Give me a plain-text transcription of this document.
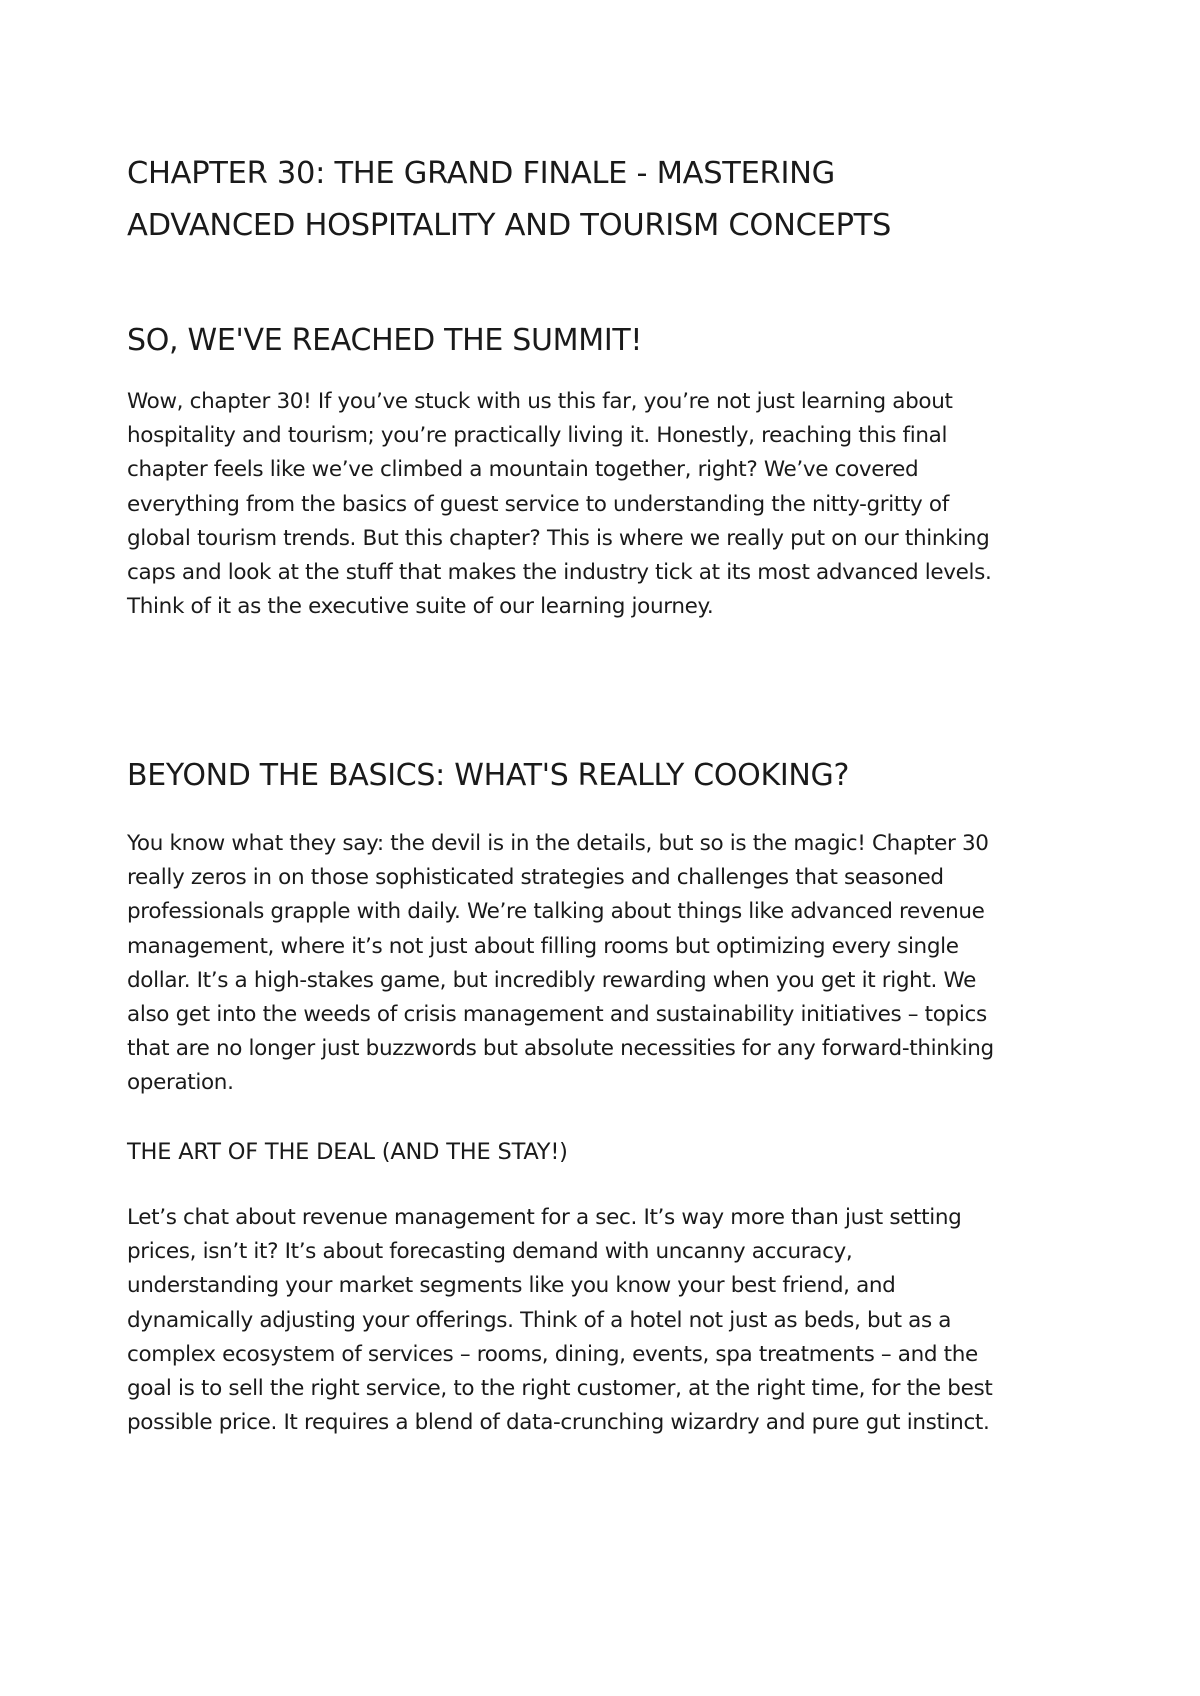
CHAPTER 30: THE GRAND FINALE - MASTERING
ADVANCED HOSPITALITY AND TOURISM CONCEPTS
SO, WE'VE REACHED THE SUMMIT!

Wow, chapter 30! If you’ve stuck with us this far, you’re not just learning about
hospitality and tourism; you’re practically living it. Honestly, reaching this final
chapter feels like we’ve climbed a mountain together, right? We’ve covered
everything from the basics of guest service to understanding the nitty-gritty of
global tourism trends. But this chapter? This is where we really put on our thinking
caps and look at the stuff that makes the industry tick at its most advanced levels.
Think of it as the executive suite of our learning journey.

BEYOND THE BASICS: WHAT'S REALLY COOKING?

You know what they say: the devil is in the details, but so is the magic! Chapter 30
really zeros in on those sophisticated strategies and challenges that seasoned
professionals grapple with daily. We’re talking about things like advanced revenue
management, where it’s not just about filling rooms but optimizing every single
dollar. It’s a high-stakes game, but incredibly rewarding when you get it right. We
also get into the weeds of crisis management and sustainability initiatives – topics
that are no longer just buzzwords but absolute necessities for any forward-thinking
operation.

THE ART OF THE DEAL (AND THE STAY!)

Let’s chat about revenue management for a sec. It’s way more than just setting
prices, isn’t it? It’s about forecasting demand with uncanny accuracy,
understanding your market segments like you know your best friend, and
dynamically adjusting your offerings. Think of a hotel not just as beds, but as a
complex ecosystem of services – rooms, dining, events, spa treatments – and the
goal is to sell the right service, to the right customer, at the right time, for the best
possible price. It requires a blend of data-crunching wizardry and pure gut instinct.
